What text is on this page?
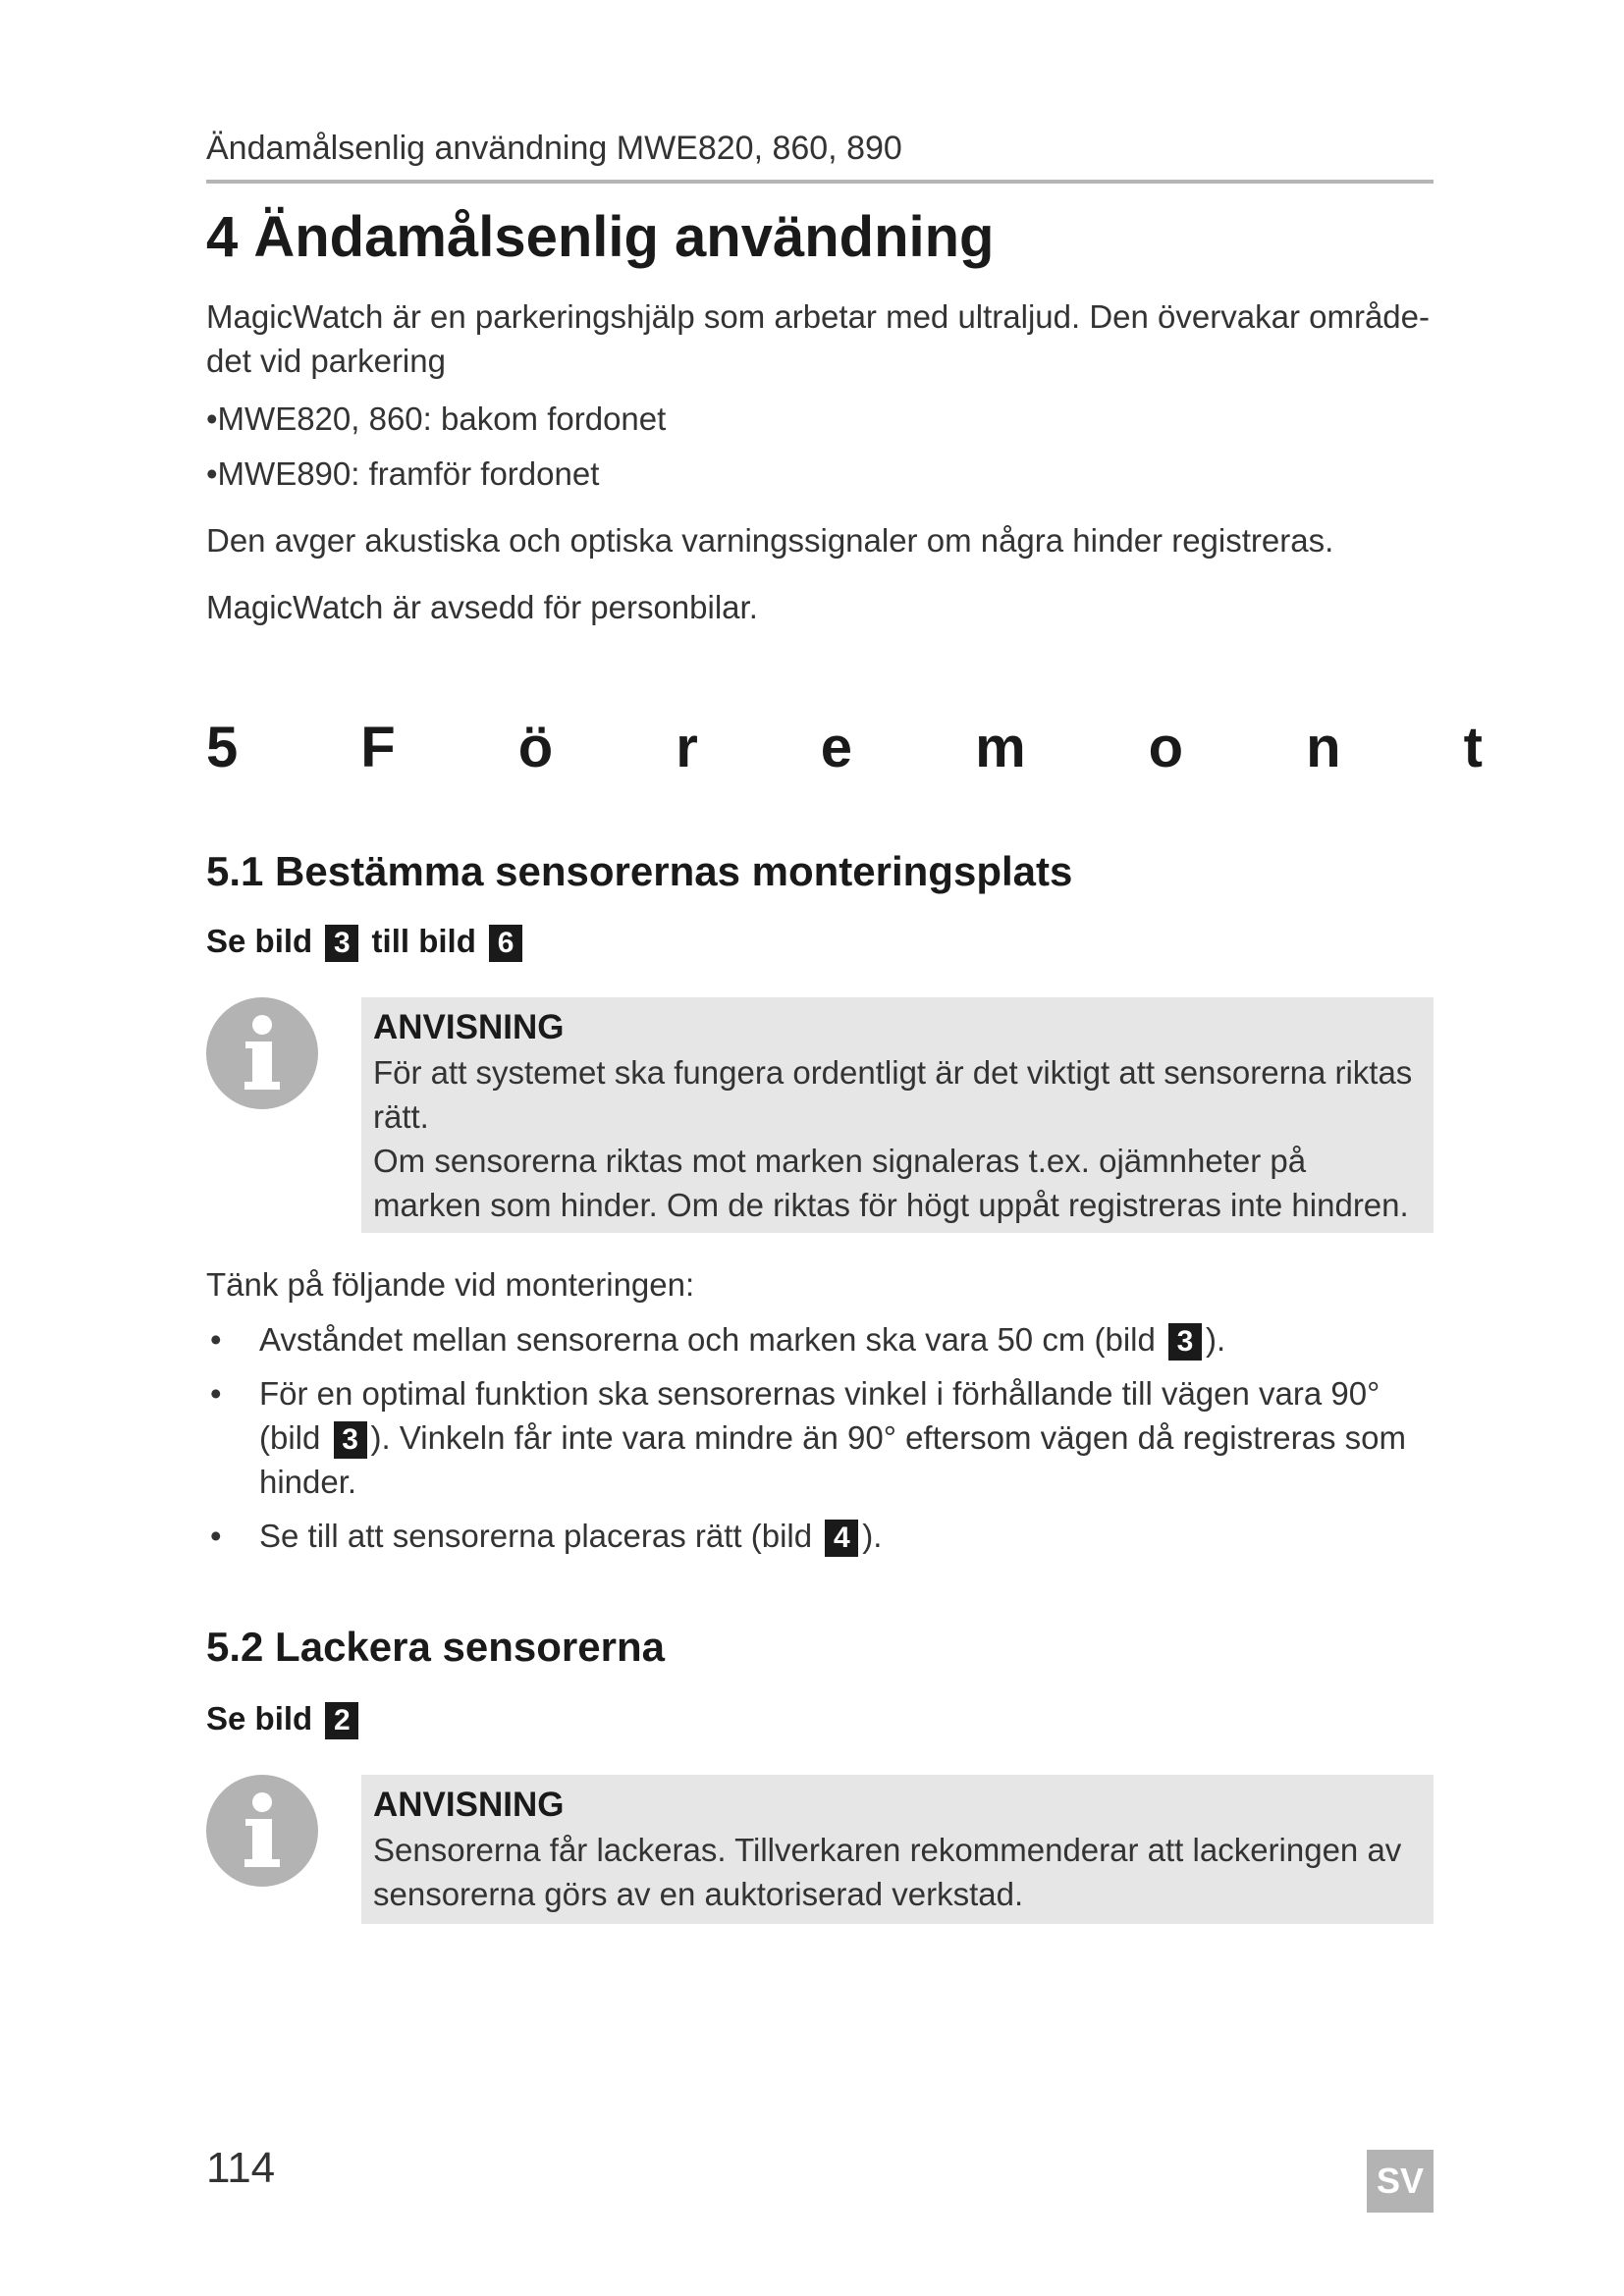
Ändamålsenlig användning MWE820, 860, 890
4 Ändamålsenlig användning

MagicWatch är en parkeringshjälp som arbetar med ultraljud. Den övervakar områdedet vid parkering

•MWE820, 860: bakom fordonet

•MWE890: framför fordonet

Den avger akustiska och optiska varningssignaler om några hinder registreras.

MagicWatch är avsedd för personbilar.

5 F ö r e m o n t
5.1 Bestämma sensorernas monteringsplats
Se bild 3 till bild 6
ANVISNING
För att systemet ska fungera ordentligt är det viktigt att sensorerna riktas rätt.
Om sensorerna riktas mot marken signaleras t.ex. ojämnheter på marken som hinder. Om de riktas för högt uppåt registreras inte hindren.

Tänk på följande vid monteringen:

• Avståndet mellan sensorerna och marken ska vara 50 cm (bild 3 ).
• För en optimal funktion ska sensorernas vinkel i förhållande till vägen vara 90° (bild 3 ). Vinkeln får inte vara mindre än 90° eftersom vägen då registreras som hinder.
• Se till att sensorerna placeras rätt (bild 4 ).
5.2 Lackera sensorerna
Se bild 2
ANVISNING
Sensorerna får lackeras. Tillverkaren rekommenderar att lackeringen av sensorerna görs av en auktoriserad verkstad.
114	SV
